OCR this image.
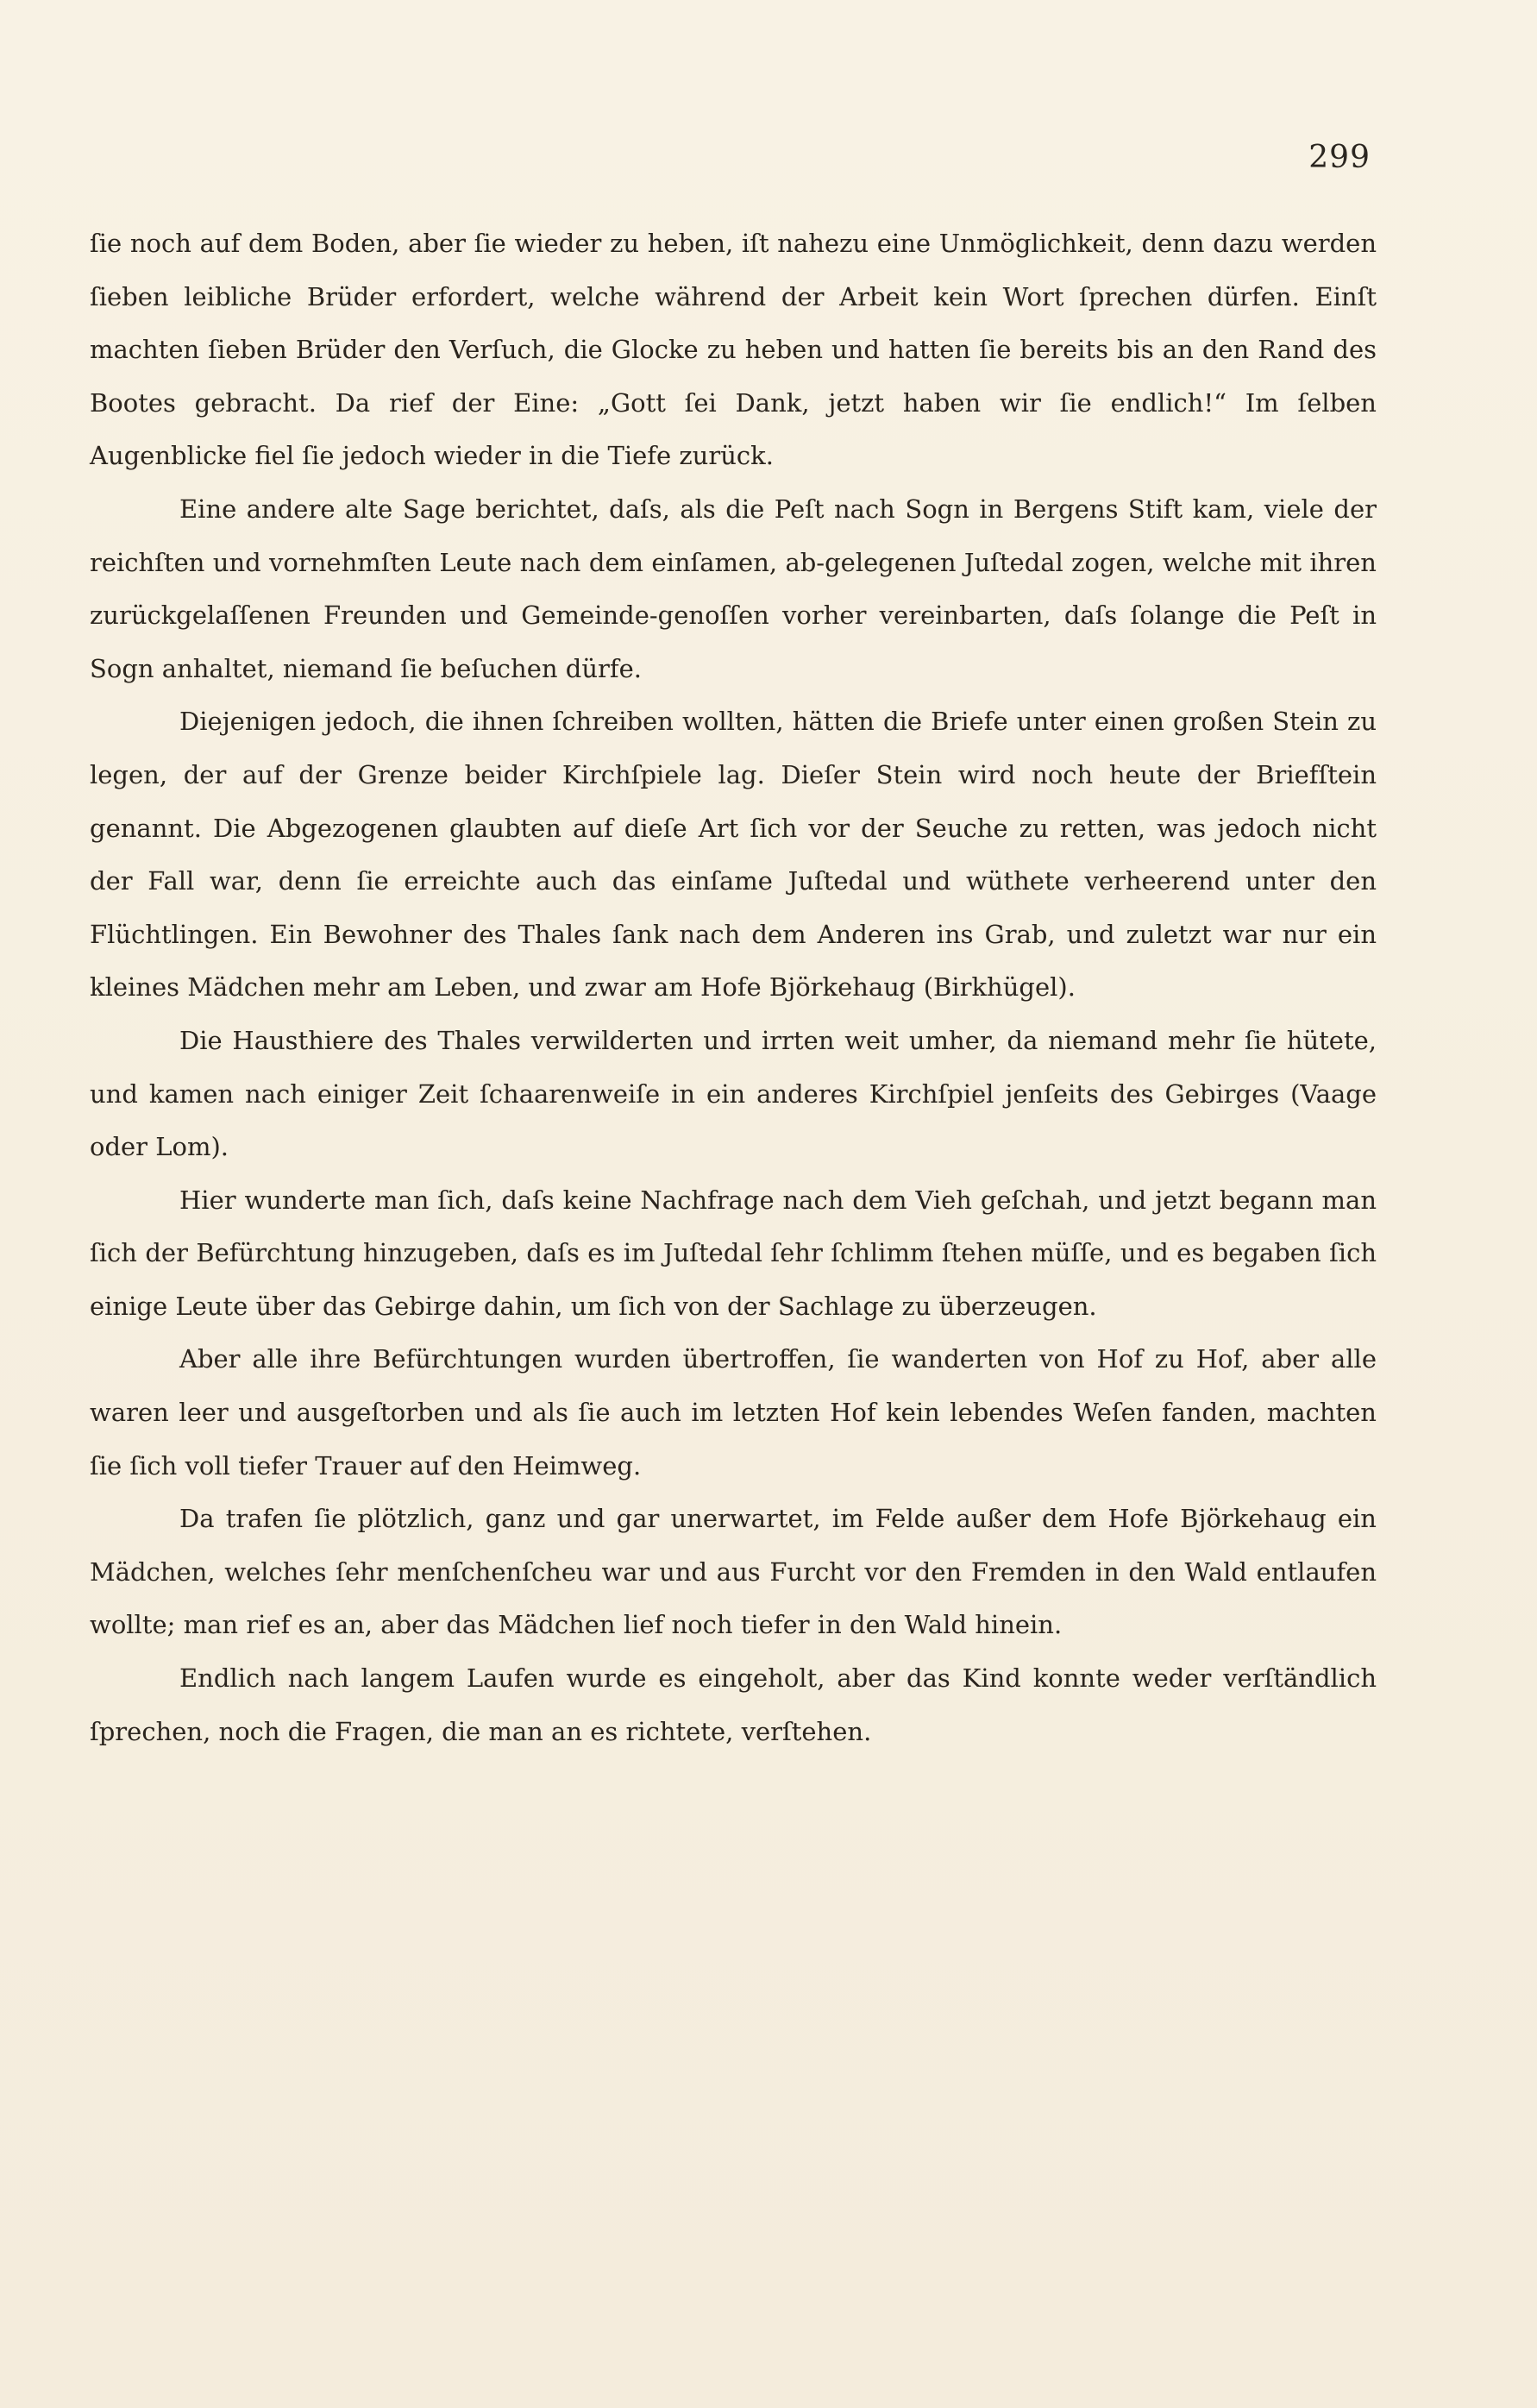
299

ſie noch auf dem Boden, aber ſie wieder zu heben, iſt nahezu eine Unmöglichkeit, denn dazu werden ſieben leibliche Brüder erfordert, welche während der Arbeit kein Wort ſprechen dürfen. Einſt machten ſieben Brüder den Verſuch, die Glocke zu heben und hatten ſie bereits bis an den Rand des Bootes gebracht. Da rief der Eine: „Gott ſei Dank, jetzt haben wir ſie endlich!“ Im ſelben Augenblicke fiel ſie jedoch wieder in die Tiefe zurück.

Eine andere alte Sage berichtet, daſs, als die Peſt nach Sogn in Bergens Stift kam, viele der reichſten und vornehmſten Leute nach dem einſamen, ab-gelegenen Juſtedal zogen, welche mit ihren zurückgelaſſenen Freunden und Gemeinde-genoſſen vorher vereinbarten, daſs ſolange die Peſt in Sogn anhaltet, niemand ſie beſuchen dürfe.

Diejenigen jedoch, die ihnen ſchreiben wollten, hätten die Briefe unter einen großen Stein zu legen, der auf der Grenze beider Kirchſpiele lag. Dieſer Stein wird noch heute der Briefſtein genannt. Die Abgezogenen glaubten auf dieſe Art ſich vor der Seuche zu retten, was jedoch nicht der Fall war, denn ſie erreichte auch das einſame Juſtedal und wüthete verheerend unter den Flüchtlingen. Ein Bewohner des Thales ſank nach dem Anderen ins Grab, und zuletzt war nur ein kleines Mädchen mehr am Leben, und zwar am Hofe Björkehaug (Birkhügel).

Die Hausthiere des Thales verwilderten und irrten weit umher, da niemand mehr ſie hütete, und kamen nach einiger Zeit ſchaarenweiſe in ein anderes Kirchſpiel jenſeits des Gebirges (Vaage oder Lom).

Hier wunderte man ſich, daſs keine Nachfrage nach dem Vieh geſchah, und jetzt begann man ſich der Befürchtung hinzugeben, daſs es im Juſtedal ſehr ſchlimm ſtehen müſſe, und es begaben ſich einige Leute über das Gebirge dahin, um ſich von der Sachlage zu überzeugen.

Aber alle ihre Befürchtungen wurden übertroffen, ſie wanderten von Hof zu Hof, aber alle waren leer und ausgeſtorben und als ſie auch im letzten Hof kein lebendes Weſen fanden, machten ſie ſich voll tiefer Trauer auf den Heimweg.

Da trafen ſie plötzlich, ganz und gar unerwartet, im Felde außer dem Hofe Björkehaug ein Mädchen, welches ſehr menſchenſcheu war und aus Furcht vor den Fremden in den Wald entlaufen wollte; man rief es an, aber das Mädchen lief noch tiefer in den Wald hinein.

Endlich nach langem Laufen wurde es eingeholt, aber das Kind konnte weder verſtändlich ſprechen, noch die Fragen, die man an es richtete, verſtehen.
